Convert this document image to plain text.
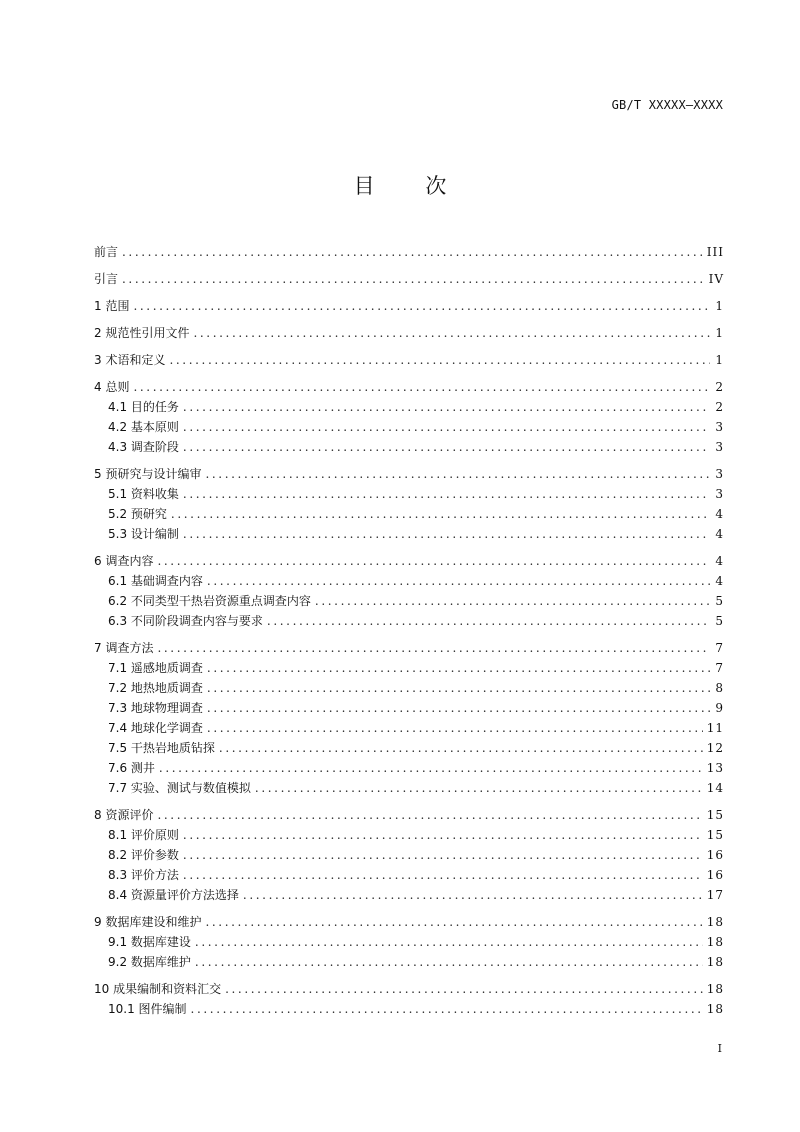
GB/T XXXXX—XXXX
目 次
前言 .....	III
引言 .....	IV
1 范围 .....	1
2 规范性引用文件 .....	1
3 术语和定义 .....	1
4 总则 .....	2
4.1 目的任务 .....	2
4.2 基本原则 .....	3
4.3 调查阶段 .....	3
5 预研究与设计编审 .....	3
5.1 资料收集 .....	3
5.2 预研究 .....	4
5.3 设计编制 .....	4
6 调查内容 .....	4
6.1 基础调查内容 .....	4
6.2 不同类型干热岩资源重点调查内容 .....	5
6.3 不同阶段调查内容与要求 .....	5
7 调查方法 .....	7
7.1 遥感地质调查 .....	7
7.2 地热地质调查 .....	8
7.3 地球物理调查 .....	9
7.4 地球化学调查 .....	11
7.5 干热岩地质钻探 .....	12
7.6 测井 .....	13
7.7 实验、测试与数值模拟 .....	14
8 资源评价 .....	15
8.1 评价原则 .....	15
8.2 评价参数 .....	16
8.3 评价方法 .....	16
8.4 资源量评价方法选择 .....	17
9 数据库建设和维护 .....	18
9.1 数据库建设 .....	18
9.2 数据库维护 .....	18
10 成果编制和资料汇交 .....	18
10.1 图件编制 .....	18
I
